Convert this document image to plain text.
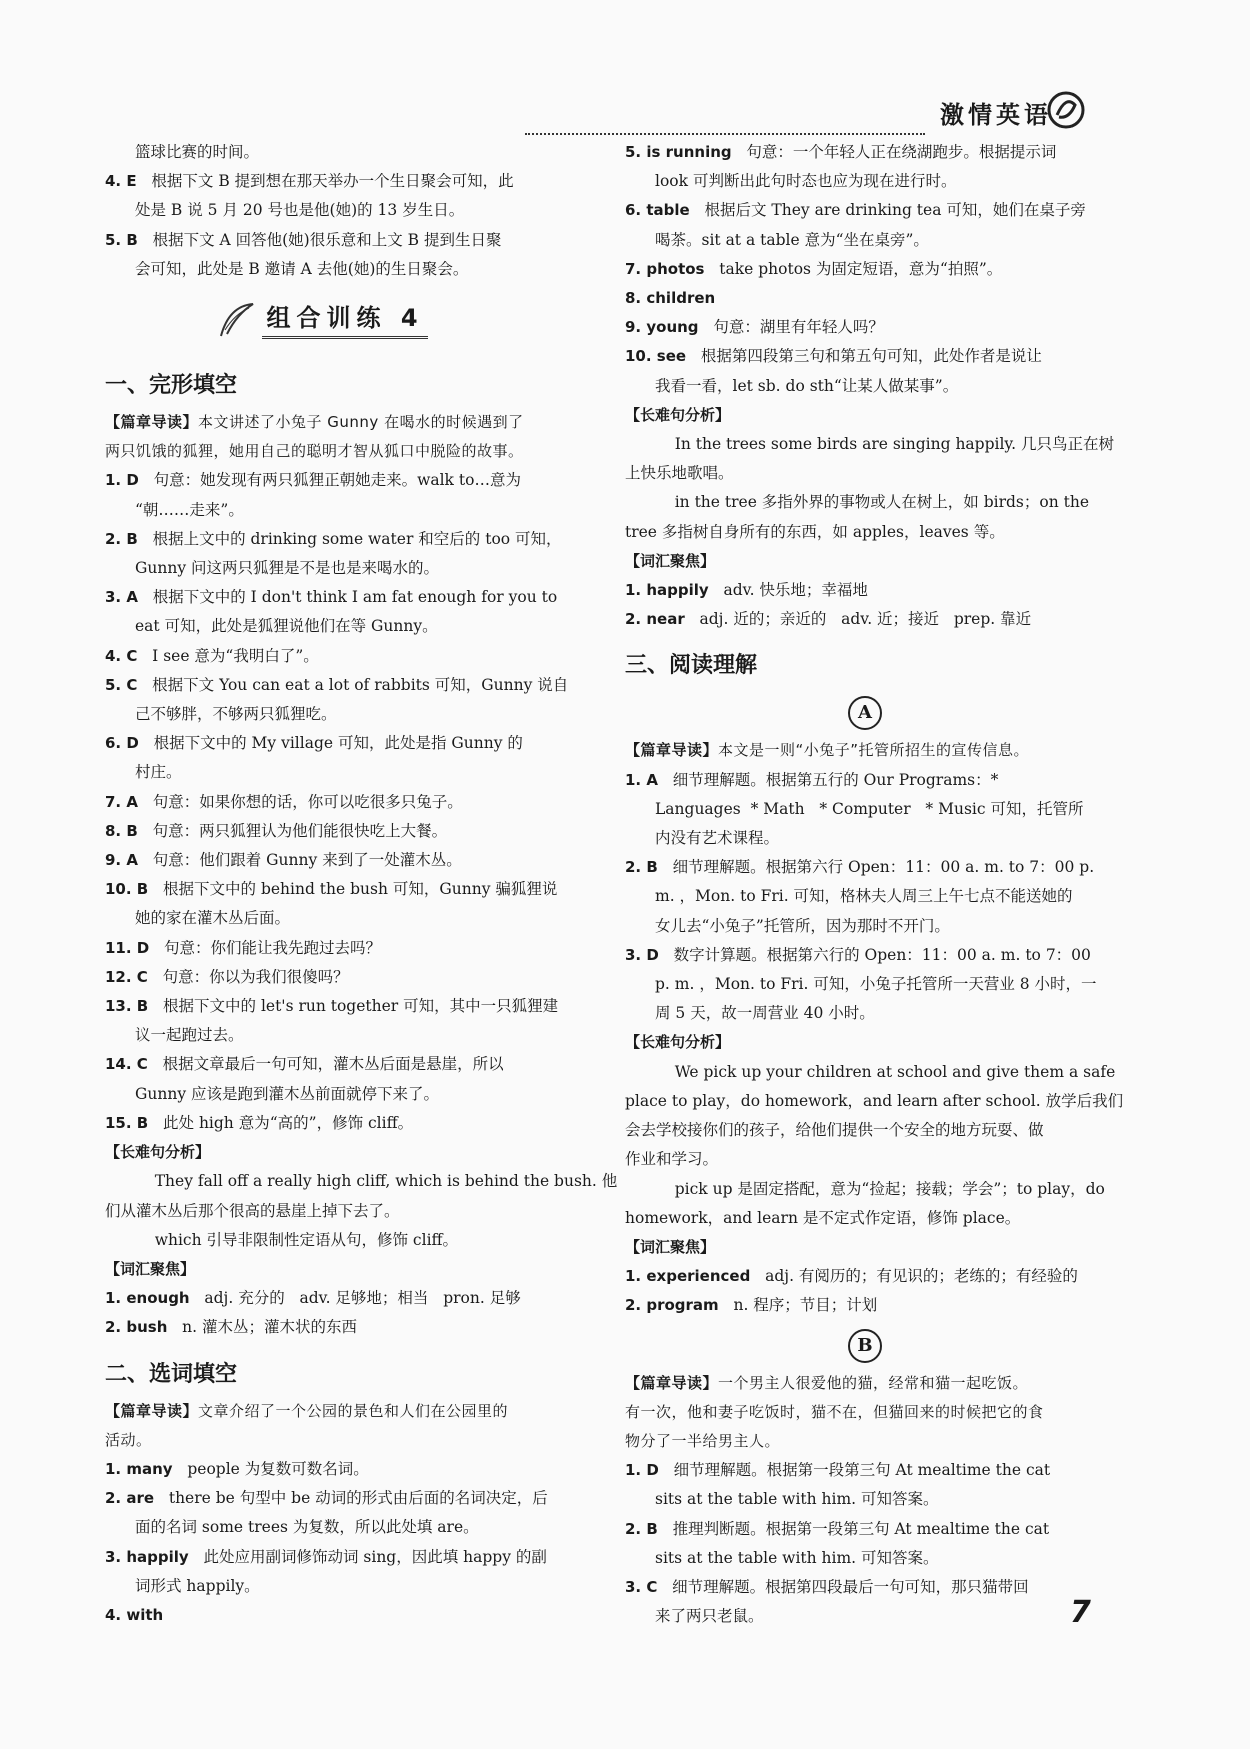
激情英语
篮球比赛的时间。
4. E   根据下文 B 提到想在那天举办一个生日聚会可知，此
处是 B 说 5 月 20 号也是他(她)的 13 岁生日。
5. B   根据下文 A 回答他(她)很乐意和上文 B 提到生日聚
会可知，此处是 B 邀请 A 去他(她)的生日聚会。
组合训练 4
一、完形填空
【篇章导读】本文讲述了小兔子 Gunny 在喝水的时候遇到了
两只饥饿的狐狸，她用自己的聪明才智从狐口中脱险的故事。
1. D   句意：她发现有两只狐狸正朝她走来。walk to…意为
“朝……走来”。
2. B   根据上文中的 drinking some water 和空后的 too 可知，
Gunny 问这两只狐狸是不是也是来喝水的。
3. A   根据下文中的 I don't think I am fat enough for you to
eat 可知，此处是狐狸说他们在等 Gunny。
4. C   I see 意为“我明白了”。
5. C   根据下文 You can eat a lot of rabbits 可知，Gunny 说自
己不够胖，不够两只狐狸吃。
6. D   根据下文中的 My village 可知，此处是指 Gunny 的
村庄。
7. A   句意：如果你想的话，你可以吃很多只兔子。
8. B   句意：两只狐狸认为他们能很快吃上大餐。
9. A   句意：他们跟着 Gunny 来到了一处灌木丛。
10. B   根据下文中的 behind the bush 可知，Gunny 骗狐狸说
她的家在灌木丛后面。
11. D   句意：你们能让我先跑过去吗？
12. C   句意：你以为我们很傻吗？
13. B   根据下文中的 let's run together 可知，其中一只狐狸建
议一起跑过去。
14. C   根据文章最后一句可知，灌木丛后面是悬崖，所以
Gunny 应该是跑到灌木丛前面就停下来了。
15. B   此处 high 意为“高的”，修饰 cliff。
【长难句分析】
They fall off a really high cliff, which is behind the bush. 他
们从灌木丛后那个很高的悬崖上掉下去了。
which 引导非限制性定语从句，修饰 cliff。
【词汇聚焦】
1. enough   adj. 充分的   adv. 足够地；相当   pron. 足够
2. bush   n. 灌木丛；灌木状的东西
二、选词填空
【篇章导读】文章介绍了一个公园的景色和人们在公园里的
活动。
1. many   people 为复数可数名词。
2. are   there be 句型中 be 动词的形式由后面的名词决定，后
面的名词 some trees 为复数，所以此处填 are。
3. happily   此处应用副词修饰动词 sing，因此填 happy 的副
词形式 happily。
4. with
5. is running   句意：一个年轻人正在绕湖跑步。根据提示词
look 可判断出此句时态也应为现在进行时。
6. table   根据后文 They are drinking tea 可知，她们在桌子旁
喝茶。sit at a table 意为“坐在桌旁”。
7. photos   take photos 为固定短语，意为“拍照”。
8. children
9. young   句意：湖里有年轻人吗？
10. see   根据第四段第三句和第五句可知，此处作者是说让
我看一看，let sb. do sth“让某人做某事”。
【长难句分析】
In the trees some birds are singing happily. 几只鸟正在树
上快乐地歌唱。
in the tree 多指外界的事物或人在树上，如 birds；on the
tree 多指树自身所有的东西，如 apples，leaves 等。
【词汇聚焦】
1. happily   adv. 快乐地；幸福地
2. near   adj. 近的；亲近的   adv. 近；接近   prep. 靠近
三、阅读理解
A
【篇章导读】本文是一则“小兔子”托管所招生的宣传信息。
1. A   细节理解题。根据第五行的 Our Programs：*
Languages  * Math   * Computer   * Music 可知，托管所
内没有艺术课程。
2. B   细节理解题。根据第六行 Open：11：00 a. m. to 7：00 p.
m. ，Mon. to Fri. 可知，格林夫人周三上午七点不能送她的
女儿去“小兔子”托管所，因为那时不开门。
3. D   数字计算题。根据第六行的 Open：11：00 a. m. to 7：00
p. m. ，Mon. to Fri. 可知，小兔子托管所一天营业 8 小时，一
周 5 天，故一周营业 40 小时。
【长难句分析】
We pick up your children at school and give them a safe
place to play，do homework，and learn after school. 放学后我们
会去学校接你们的孩子，给他们提供一个安全的地方玩耍、做
作业和学习。
pick up 是固定搭配，意为“捡起；接载；学会”；to play，do
homework，and learn 是不定式作定语，修饰 place。
【词汇聚焦】
1. experienced   adj. 有阅历的；有见识的；老练的；有经验的
2. program   n. 程序；节目；计划
B
【篇章导读】一个男主人很爱他的猫，经常和猫一起吃饭。
有一次，他和妻子吃饭时，猫不在，但猫回来的时候把它的食
物分了一半给男主人。
1. D   细节理解题。根据第一段第三句 At mealtime the cat
sits at the table with him. 可知答案。
2. B   推理判断题。根据第一段第三句 At mealtime the cat
sits at the table with him. 可知答案。
3. C   细节理解题。根据第四段最后一句可知，那只猫带回
来了两只老鼠。	7
